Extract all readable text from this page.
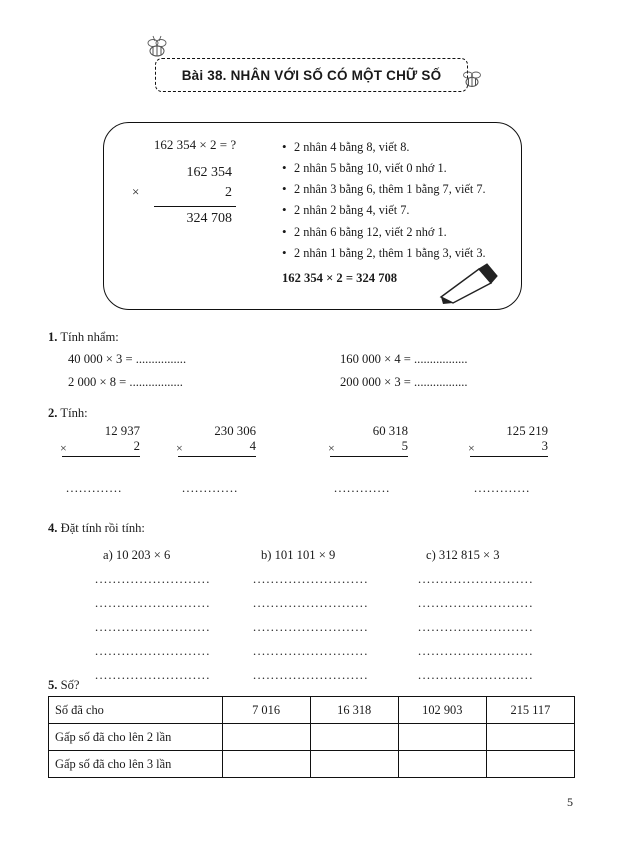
Bài 38. NHÂN VỚI SỐ CÓ MỘT CHỮ SỐ
162 354 × 2 = ?
×
162 354
2
324 708
• 2 nhân 4 bằng 8, viết 8.
• 2 nhân 5 bằng 10, viết 0 nhớ 1.
• 2 nhân 3 bằng 6, thêm 1 bằng 7, viết 7.
• 2 nhân 2 bằng 4, viết 7.
• 2 nhân 6 bằng 12, viết 2 nhớ 1.
• 2 nhân 1 bằng 2, thêm 1 bằng 3, viết 3.
162 354 × 2 = 324 708
1. Tính nhẩm:
40 000 × 3 = ................	160 000 × 4 = .................
2 000 × 8 = .................	200 000 × 3 = .................
2. Tính:
×
12 937
2
.............
×
230 306
4
.............
×
60 318
5
.............
×
125 219
3
.............
4. Đặt tính rồi tính:
a) 10 203 × 6
..........................
..........................
..........................
..........................
..........................
b) 101 101 × 9
..........................
..........................
..........................
..........................
..........................
c) 312 815 × 3
..........................
..........................
..........................
..........................
..........................
5. Số?
Số đã cho	7 016	16 318	102 903	215 117
Gấp số đã cho lên 2 lần				
Gấp số đã cho lên 3 lần				
5
